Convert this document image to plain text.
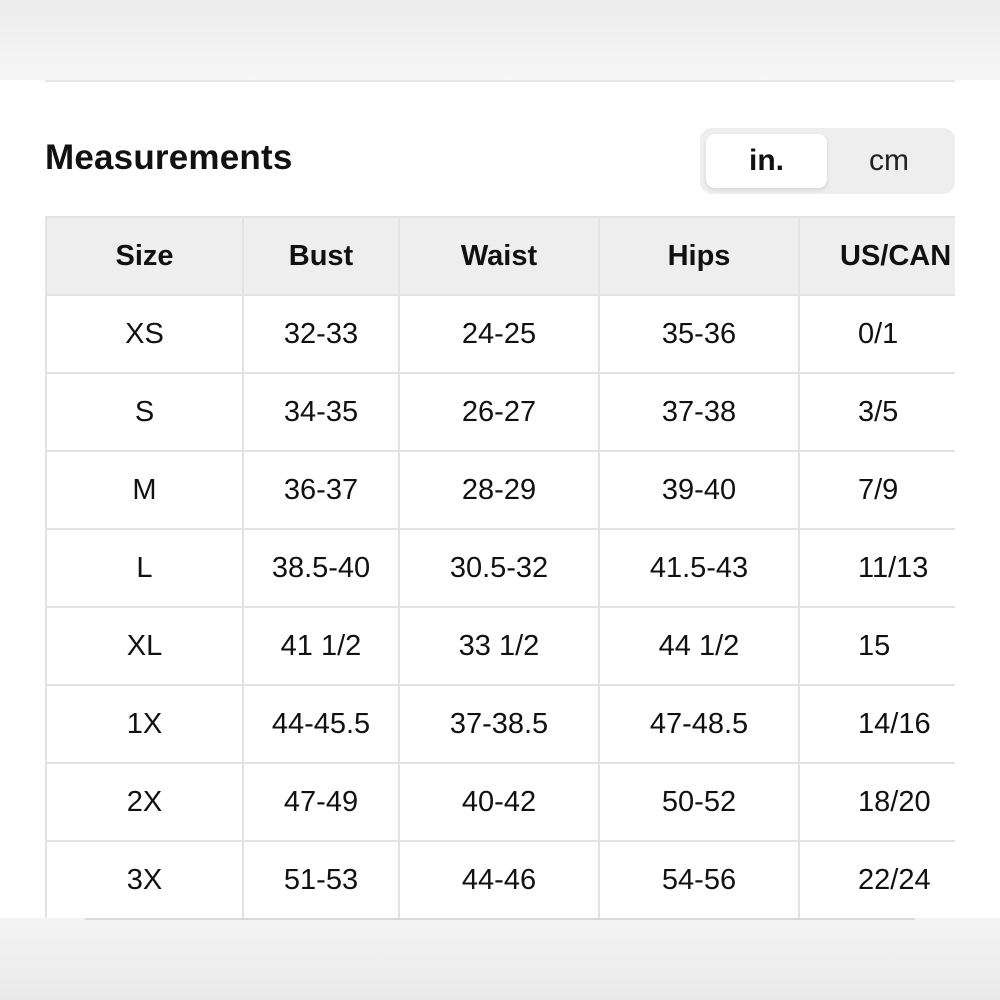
Measurements	in.	cm
Size	Bust	Waist	Hips	US/CAN
XS	32-33	24-25	35-36	0/1
S	34-35	26-27	37-38	3/5
M	36-37	28-29	39-40	7/9
L	38.5-40	30.5-32	41.5-43	11/13
XL	41 1/2	33 1/2	44 1/2	15
1X	44-45.5	37-38.5	47-48.5	14/16
2X	47-49	40-42	50-52	18/20
3X	51-53	44-46	54-56	22/24
